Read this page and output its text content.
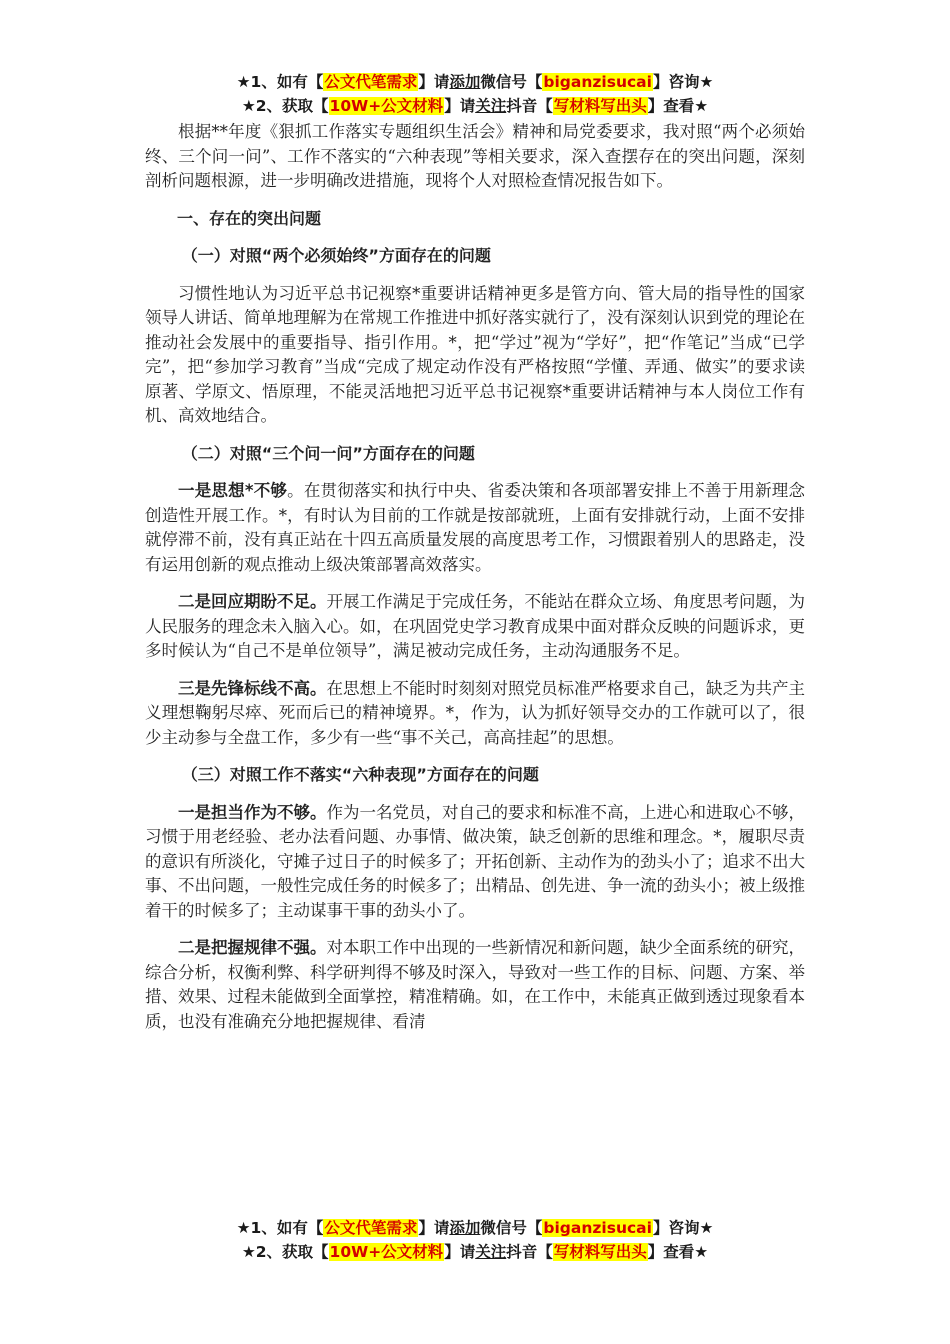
★1、如有【公文代笔需求】请添加微信号【biganzisucai】咨询★
★2、获取【10W+公文材料】请关注抖音【写材料写出头】查看★

根据**年度《狠抓工作落实专题组织生活会》精神和局党委要求，我对照“两个必须始终、三个问一问”、工作不落实的“六种表现”等相关要求，深入查摆存在的突出问题，深刻剖析问题根源，进一步明确改进措施，现将个人对照检查情况报告如下。

一、存在的突出问题

（一）对照“两个必须始终”方面存在的问题

习惯性地认为习近平总书记视察*重要讲话精神更多是管方向、管大局的指导性的国家领导人讲话、简单地理解为在常规工作推进中抓好落实就行了，没有深刻认识到党的理论在推动社会发展中的重要指导、指引作用。*，把“学过”视为“学好”，把“作笔记”当成“已学完”，把“参加学习教育”当成“完成了规定动作没有严格按照“学懂、弄通、做实”的要求读原著、学原文、悟原理，不能灵活地把习近平总书记视察*重要讲话精神与本人岗位工作有机、高效地结合。

（二）对照“三个问一问”方面存在的问题

一是思想*不够。在贯彻落实和执行中央、省委决策和各项部署安排上不善于用新理念创造性开展工作。*，有时认为目前的工作就是按部就班，上面有安排就行动，上面不安排就停滞不前，没有真正站在十四五高质量发展的高度思考工作，习惯跟着别人的思路走，没有运用创新的观点推动上级决策部署高效落实。

二是回应期盼不足。开展工作满足于完成任务，不能站在群众立场、角度思考问题，为人民服务的理念未入脑入心。如，在巩固党史学习教育成果中面对群众反映的问题诉求，更多时候认为“自己不是单位领导”，满足被动完成任务，主动沟通服务不足。

三是先锋标线不高。在思想上不能时时刻刻对照党员标准严格要求自己，缺乏为共产主义理想鞠躬尽瘁、死而后已的精神境界。*，作为，认为抓好领导交办的工作就可以了，很少主动参与全盘工作，多少有一些“事不关己，高高挂起”的思想。

（三）对照工作不落实“六种表现”方面存在的问题

一是担当作为不够。作为一名党员，对自己的要求和标准不高，上进心和进取心不够，习惯于用老经验、老办法看问题、办事情、做决策，缺乏创新的思维和理念。*，履职尽责的意识有所淡化，守摊子过日子的时候多了；开拓创新、主动作为的劲头小了；追求不出大事、不出问题，一般性完成任务的时候多了；出精品、创先进、争一流的劲头小；被上级推着干的时候多了；主动谋事干事的劲头小了。

二是把握规律不强。对本职工作中出现的一些新情况和新问题，缺少全面系统的研究，综合分析，权衡利弊、科学研判得不够及时深入，导致对一些工作的目标、问题、方案、举措、效果、过程未能做到全面掌控，精准精确。如，在工作中，未能真正做到透过现象看本质，也没有准确充分地把握规律、看清

★1、如有【公文代笔需求】请添加微信号【biganzisucai】咨询★
★2、获取【10W+公文材料】请关注抖音【写材料写出头】查看★
